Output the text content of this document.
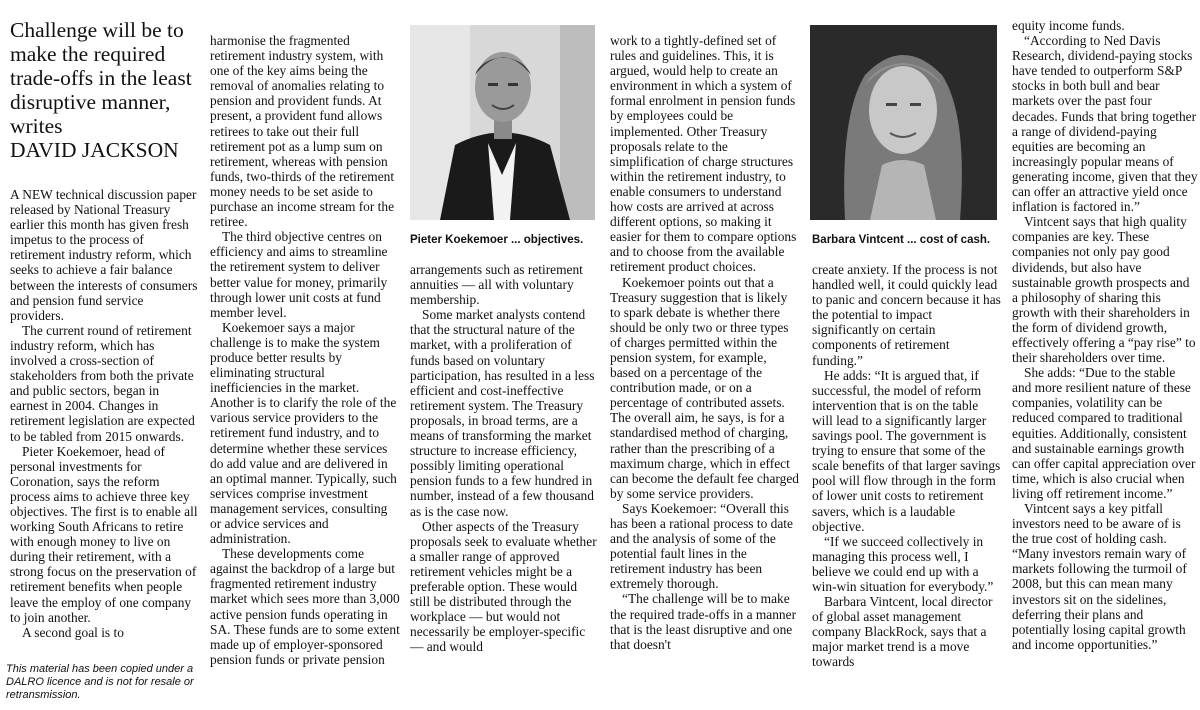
Challenge will be to make the required trade-offs in the least disruptive manner, writes
DAVID JACKSON

A NEW technical discussion paper released by National Treasury earlier this month has given fresh impetus to the process of retirement industry reform, which seeks to achieve a fair balance between the interests of consumers and pension fund service providers.

The current round of retirement industry reform, which has involved a cross-section of stakeholders from both the private and public sectors, began in earnest in 2004. Changes in retirement legislation are expected to be tabled from 2015 onwards.

Pieter Koekemoer, head of personal investments for Coronation, says the reform process aims to achieve three key objectives. The first is to enable all working South Africans to retire with enough money to live on during their retirement, with a strong focus on the preservation of retirement benefits when people leave the employ of one company to join another.

A second goal is to

This material has been copied under a DALRO licence and is not for resale or retransmission.

harmonise the fragmented retirement industry system, with one of the key aims being the removal of anomalies relating to pension and provident funds. At present, a provident fund allows retirees to take out their full retirement pot as a lump sum on retirement, whereas with pension funds, two-thirds of the retirement money needs to be set aside to purchase an income stream for the retiree.

The third objective centres on efficiency and aims to streamline the retirement system to deliver better value for money, primarily through lower unit costs at fund member level.

Koekemoer says a major challenge is to make the system produce better results by eliminating structural inefficiencies in the market. Another is to clarify the role of the various service providers to the retirement fund industry, and to determine whether these services do add value and are delivered in an optimal manner. Typically, such services comprise investment management services, consulting or advice services and administration.

These developments come against the backdrop of a large but fragmented retirement industry market which sees more than 3,000 active pension funds operating in SA. These funds are to some extent made up of employer-sponsored pension funds or private pension

Pieter Koekemoer ... objectives.

arrangements such as retirement annuities — all with voluntary membership.

Some market analysts contend that the structural nature of the market, with a proliferation of funds based on voluntary participation, has resulted in a less efficient and cost-ineffective retirement system. The Treasury proposals, in broad terms, are a means of transforming the market structure to increase efficiency, possibly limiting operational pension funds to a few hundred in number, instead of a few thousand as is the case now.

Other aspects of the Treasury proposals seek to evaluate whether a smaller range of approved retirement vehicles might be a preferable option. These would still be distributed through the workplace — but would not necessarily be employer-specific — and would

work to a tightly-defined set of rules and guidelines. This, it is argued, would help to create an environment in which a system of formal enrolment in pension funds by employees could be implemented. Other Treasury proposals relate to the simplification of charge structures within the retirement industry, to enable consumers to understand how costs are arrived at across different options, so making it easier for them to compare options and to choose from the available retirement product choices.

Koekemoer points out that a Treasury suggestion that is likely to spark debate is whether there should be only two or three types of charges permitted within the pension system, for example, based on a percentage of the contribution made, or on a percentage of contributed assets. The overall aim, he says, is for a standardised method of charging, rather than the prescribing of a maximum charge, which in effect can become the default fee charged by some service providers.

Says Koekemoer: “Overall this has been a rational process to date and the analysis of some of the potential fault lines in the retirement industry has been extremely thorough.

“The challenge will be to make the required trade-offs in a manner that is the least disruptive and one that doesn't

Barbara Vintcent ... cost of cash.

create anxiety. If the process is not handled well, it could quickly lead to panic and concern because it has the potential to impact significantly on certain components of retirement funding.”

He adds: “It is argued that, if successful, the model of reform intervention that is on the table will lead to a significantly larger savings pool. The government is trying to ensure that some of the scale benefits of that larger savings pool will flow through in the form of lower unit costs to retirement savers, which is a laudable objective.

“If we succeed collectively in managing this process well, I believe we could end up with a win-win situation for everybody.”

Barbara Vintcent, local director of global asset management company BlackRock, says that a major market trend is a move towards

equity income funds.

“According to Ned Davis Research, dividend-paying stocks have tended to outperform S&P stocks in both bull and bear markets over the past four decades. Funds that bring together a range of dividend-paying equities are becoming an increasingly popular means of generating income, given that they can offer an attractive yield once inflation is factored in.”

Vintcent says that high quality companies are key. These companies not only pay good dividends, but also have sustainable growth prospects and a philosophy of sharing this growth with their shareholders in the form of dividend growth, effectively offering a “pay rise” to their shareholders over time.

She adds: “Due to the stable and more resilient nature of these companies, volatility can be reduced compared to traditional equities. Additionally, consistent and sustainable earnings growth can offer capital appreciation over time, which is also crucial when living off retirement income.”

Vintcent says a key pitfall investors need to be aware of is the true cost of holding cash. “Many investors remain wary of markets following the turmoil of 2008, but this can mean many investors sit on the sidelines, deferring their plans and potentially losing capital growth and income opportunities.”
